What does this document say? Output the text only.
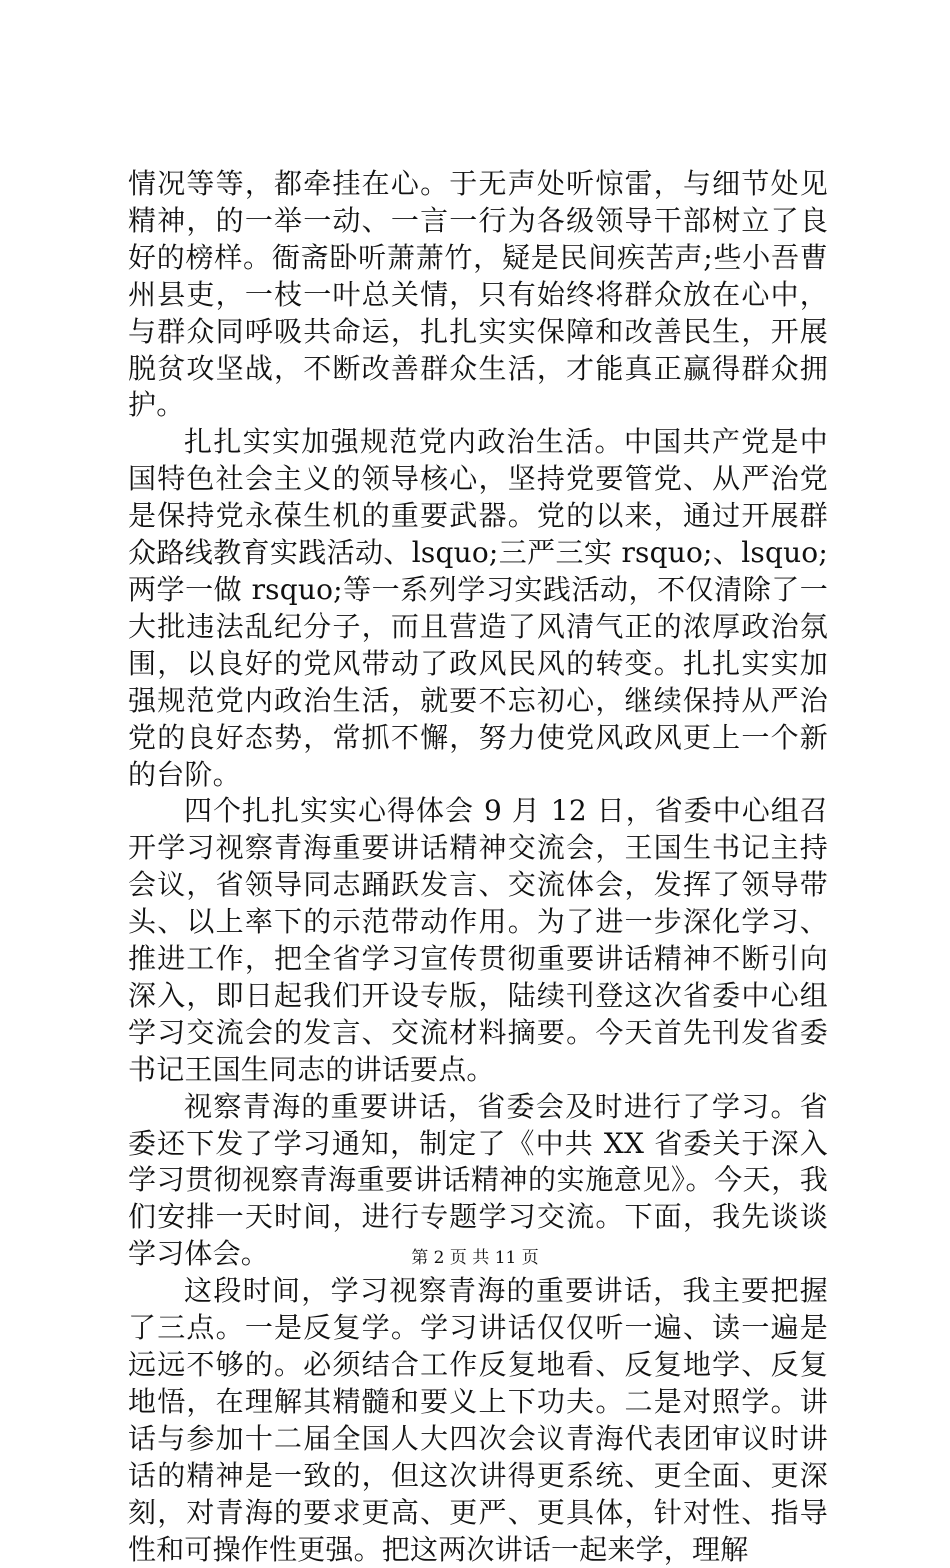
情况等等，都牵挂在心。于无声处听惊雷，与细节处见精神，的一举一动、一言一行为各级领导干部树立了良好的榜样。衙斋卧听萧萧竹，疑是民间疾苦声;些小吾曹州县吏，一枝一叶总关情，只有始终将群众放在心中，与群众同呼吸共命运，扎扎实实保障和改善民生，开展脱贫攻坚战，不断改善群众生活，才能真正赢得群众拥护。

扎扎实实加强规范党内政治生活。中国共产党是中国特色社会主义的领导核心，坚持党要管党、从严治党是保持党永葆生机的重要武器。党的以来，通过开展群众路线教育实践活动、lsquo;三严三实 rsquo;、lsquo;两学一做 rsquo;等一系列学习实践活动，不仅清除了一大批违法乱纪分子，而且营造了风清气正的浓厚政治氛围，以良好的党风带动了政风民风的转变。扎扎实实加强规范党内政治生活，就要不忘初心，继续保持从严治党的良好态势，常抓不懈，努力使党风政风更上一个新的台阶。

四个扎扎实实心得体会 9 月 12 日，省委中心组召开学习视察青海重要讲话精神交流会，王国生书记主持会议，省领导同志踊跃发言、交流体会，发挥了领导带头、以上率下的示范带动作用。为了进一步深化学习、推进工作，把全省学习宣传贯彻重要讲话精神不断引向深入，即日起我们开设专版，陆续刊登这次省委中心组学习交流会的发言、交流材料摘要。今天首先刊发省委书记王国生同志的讲话要点。

视察青海的重要讲话，省委会及时进行了学习。省委还下发了学习通知，制定了《中共 XX 省委关于深入学习贯彻视察青海重要讲话精神的实施意见》。今天，我们安排一天时间，进行专题学习交流。下面，我先谈谈学习体会。

这段时间，学习视察青海的重要讲话，我主要把握了三点。一是反复学。学习讲话仅仅听一遍、读一遍是远远不够的。必须结合工作反复地看、反复地学、反复地悟，在理解其精髓和要义上下功夫。二是对照学。讲话与参加十二届全国人大四次会议青海代表团审议时讲话的精神是一致的，但这次讲得更系统、更全面、更深刻，对青海的要求更高、更严、更具体，针对性、指导性和可操作性更强。把这两次讲话一起来学，理解

第 2 页 共 11 页
